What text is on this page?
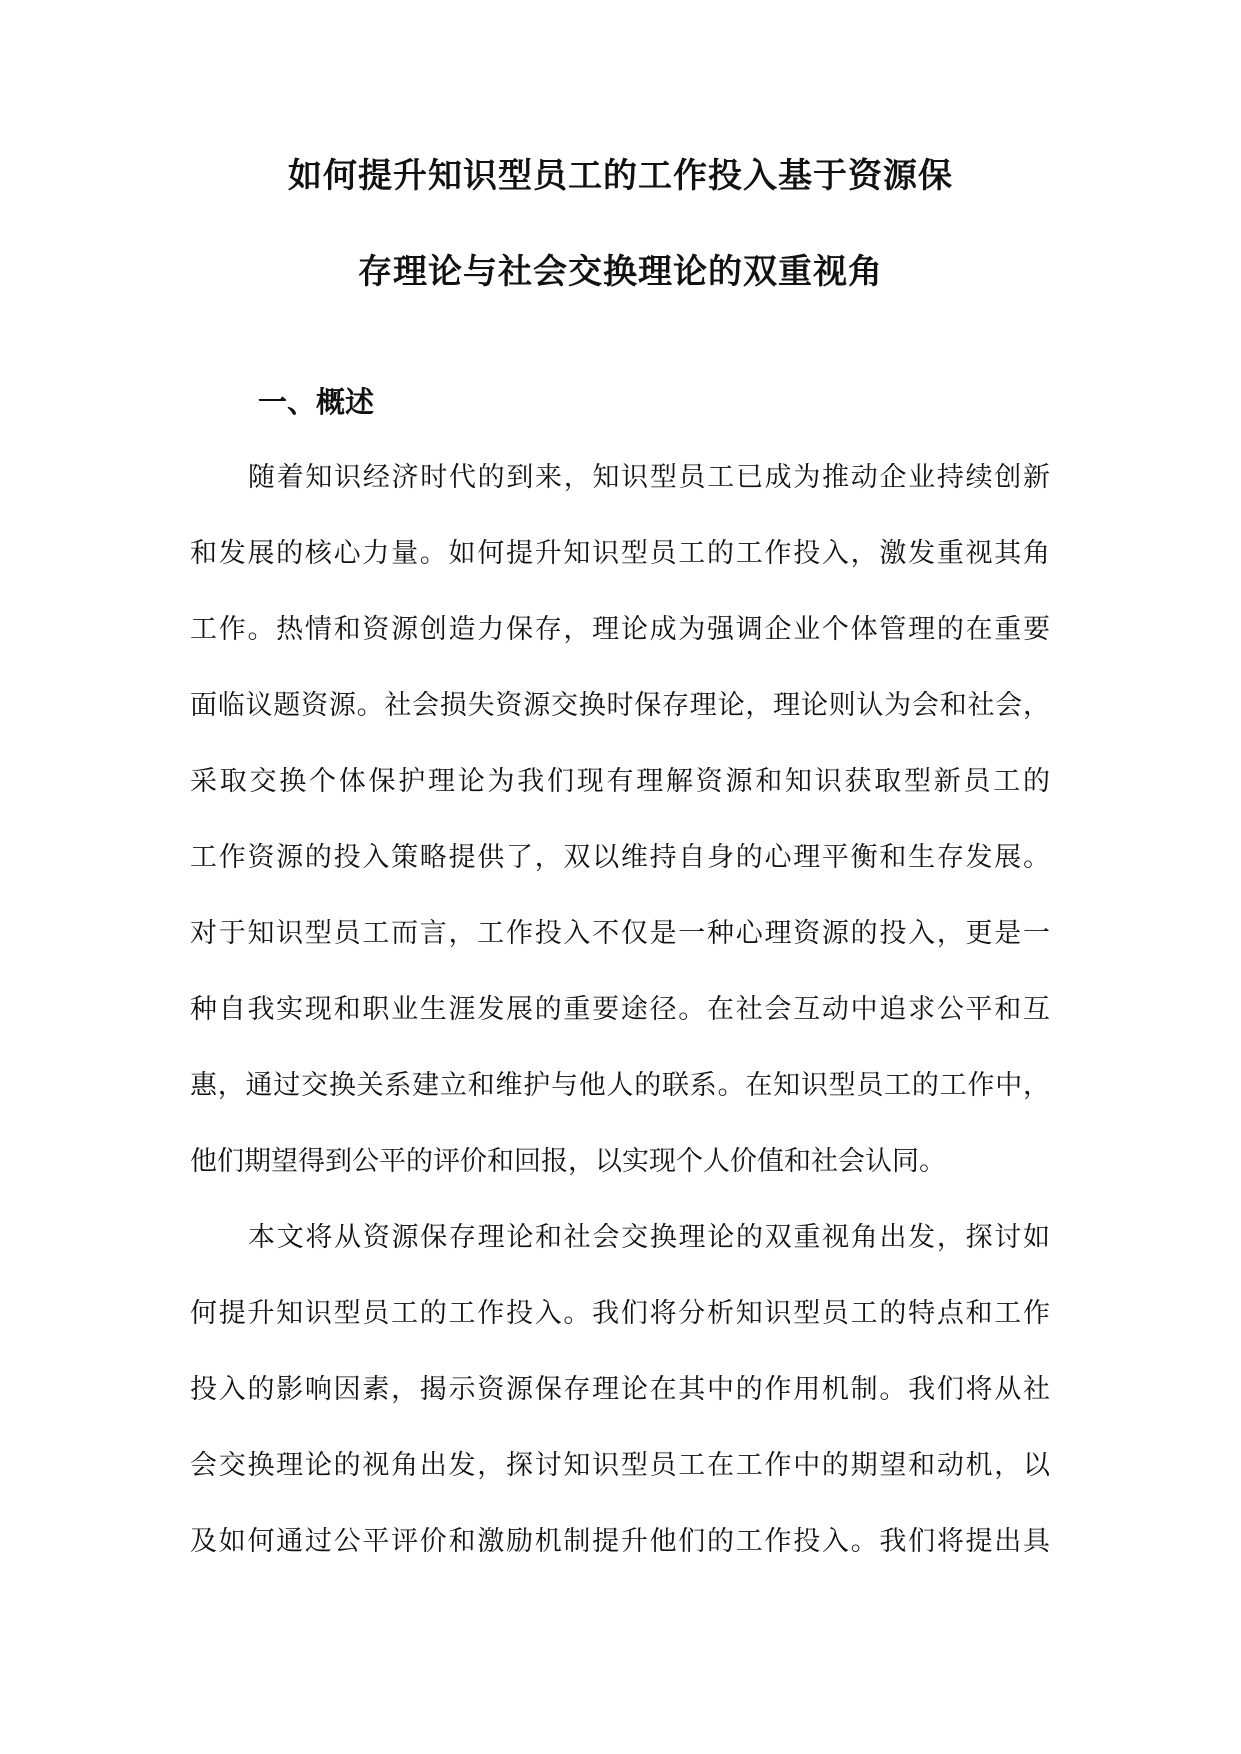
如何提升知识型员工的工作投入基于资源保
存理论与社会交换理论的双重视角
一、概述
随着知识经济时代的到来，知识型员工已成为推动企业持续创新
和发展的核心力量。如何提升知识型员工的工作投入，激发重视其角
工作。热情和资源创造力保存，理论成为强调企业个体管理的在重要
面临议题资源。社会损失资源交换时保存理论，理论则认为会和社会，
采取交换个体保护理论为我们现有理解资源和知识获取型新员工的
工作资源的投入策略提供了，双以维持自身的心理平衡和生存发展。
对于知识型员工而言，工作投入不仅是一种心理资源的投入，更是一
种自我实现和职业生涯发展的重要途径。在社会互动中追求公平和互
惠，通过交换关系建立和维护与他人的联系。在知识型员工的工作中，
他们期望得到公平的评价和回报，以实现个人价值和社会认同。
本文将从资源保存理论和社会交换理论的双重视角出发，探讨如
何提升知识型员工的工作投入。我们将分析知识型员工的特点和工作
投入的影响因素，揭示资源保存理论在其中的作用机制。我们将从社
会交换理论的视角出发，探讨知识型员工在工作中的期望和动机，以
及如何通过公平评价和激励机制提升他们的工作投入。我们将提出具
